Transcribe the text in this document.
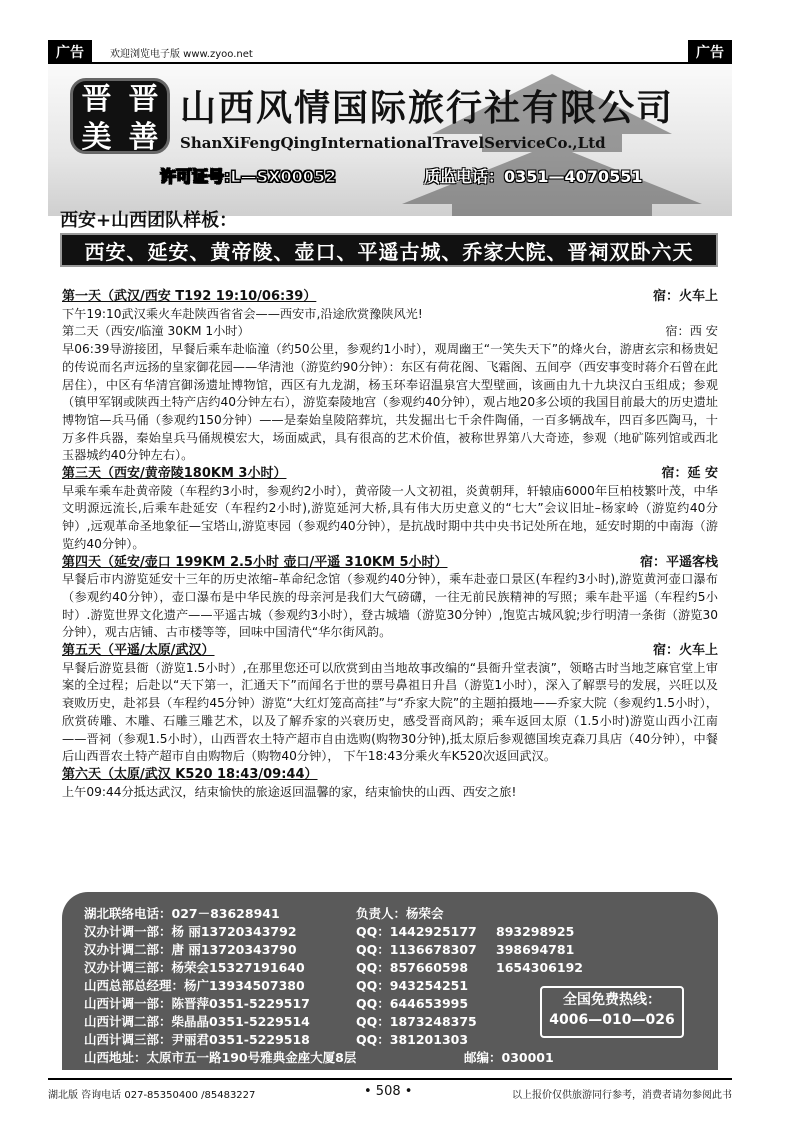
广告	欢迎浏览电子版 www.zyoo.net	广告
晋 晋
美 善
山西风情国际旅行社有限公司
ShanXiFengQingInternationalTravelServiceCo.,Ltd
许可证号:L—SX00052	质监电话：0351—4070551
西安+山西团队样板：
西安、延安、黄帝陵、壶口、平遥古城、乔家大院、晋祠双卧六天
第一天（武汉/西安 T192 19:10/06:39）	宿：火车上
下午19:10武汉乘火车赴陕西省省会——西安市,沿途欣赏豫陕风光!
第二天（西安/临潼 30KM 1小时）	宿：西 安
早06:39导游接团，早餐后乘车赴临潼（约50公里，参观约1小时），观周幽王“一笑失天下”的烽火台，游唐玄宗和杨贵妃的传说而名声远扬的皇家御花园——华清池（游览约90分钟）：东区有荷花阁、飞霜阁、五间亭（西安事变时蒋介石曾在此居住），中区有华清宫御汤遗址博物馆，西区有九龙湖，杨玉环奉诏温泉宫大型壁画，该画由九十九块汉白玉组成；参观（镇甲军钢或陕西土特产店约40分钟左右），游览秦陵地宫（参观约40分钟），观占地20多公顷的我国目前最大的历史遗址博物馆—兵马俑（参观约150分钟）——是秦始皇陵陪葬坑，共发掘出七千余件陶俑，一百多辆战车，四百多匹陶马，十万多件兵器，秦始皇兵马俑规模宏大，场面威武，具有很高的艺术价值，被称世界第八大奇迹，参观（地矿陈列馆或西北玉器城约40分钟左右）。
第三天（西安/黄帝陵180KM 3小时）	宿：延 安
早乘车乘车赴黄帝陵（车程约3小时，参观约2小时），黄帝陵一人文初祖，炎黄朝拜，轩辕庙6000年巨柏枝繁叶茂，中华文明源远流长,后乘车赴延安（车程约2小时),游览延河大桥,具有伟大历史意义的“七大”会议旧址–杨家岭（游览约40分钟）,远观革命圣地象征—宝塔山,游览枣园（参观约40分钟），是抗战时期中共中央书记处所在地，延安时期的中南海（游览约40分钟）。
第四天（延安/壶口 199KM 2.5小时 壶口/平遥 310KM 5小时）	宿：平遥客栈
早餐后市内游览延安十三年的历史浓缩–革命纪念馆（参观约40分钟），乘车赴壶口景区(车程约3小时),游览黄河壶口瀑布（参观约40分钟），壶口瀑布是中华民族的母亲河是我们大气磅礴，一往无前民族精神的写照；乘车赴平遥（车程约5小时）.游览世界文化遗产——平遥古城（参观约3小时），登古城墙（游览30分钟）,饱览古城风貌;步行明清一条街（游览30分钟），观古店铺、古市楼等等，回味中国清代“华尔街风韵。
第五天（平遥/太原/武汉）	宿：火车上
早餐后游览县衙（游览1.5小时）,在那里您还可以欣赏到由当地故事改编的“县衙升堂表演”，领略古时当地芝麻官堂上审案的全过程；后赴以“天下第一，汇通天下”而闻名于世的票号鼻祖日升昌（游览1小时），深入了解票号的发展，兴旺以及衰败历史，赴祁县（车程约45分钟）游览“大红灯笼高高挂”与“乔家大院”的主题拍摄地——乔家大院（参观约1.5小时），欣赏砖雕、木雕、石雕三雕艺术，以及了解乔家的兴衰历史，感受晋商风韵；乘车返回太原（1.5小时)游览山西小江南——晋祠（参观1.5小时），山西晋农土特产超市自由选购(购物30分钟),抵太原后参观德国埃克森刀具店（40分钟），中餐后山西晋农土特产超市自由购物后（购物40分钟）， 下午18:43分乘火车K520次返回武汉。
第六天（太原/武汉 K520 18:43/09:44）
上午09:44分抵达武汉，结束愉快的旅途返回温馨的家，结束愉快的山西、西安之旅!
湖北联络电话：027－83628941	负责人：杨荣会
汉办计调一部：杨 丽13720343792	QQ：1442925177 893298925
汉办计调二部：唐 丽13720343790	QQ：1136678307 398694781
汉办计调三部：杨荣会15327191640	QQ：857660598 1654306192
山西总部总经理：杨广13934507380	QQ：943254251
山西计调一部：陈晋萍0351-5229517	QQ：644653995
山西计调二部：柴晶晶0351-5229514	QQ：1873248375
山西计调三部：尹丽君0351-5229518	QQ：381201303
山西地址：太原市五一路190号雅典金座大厦8层	邮编：030001
全国免费热线：
4006—010—026
湖北版 咨询电话 027-85350400 /85483227	• 508 •	以上报价仅供旅游同行参考，消费者请勿参阅此书
